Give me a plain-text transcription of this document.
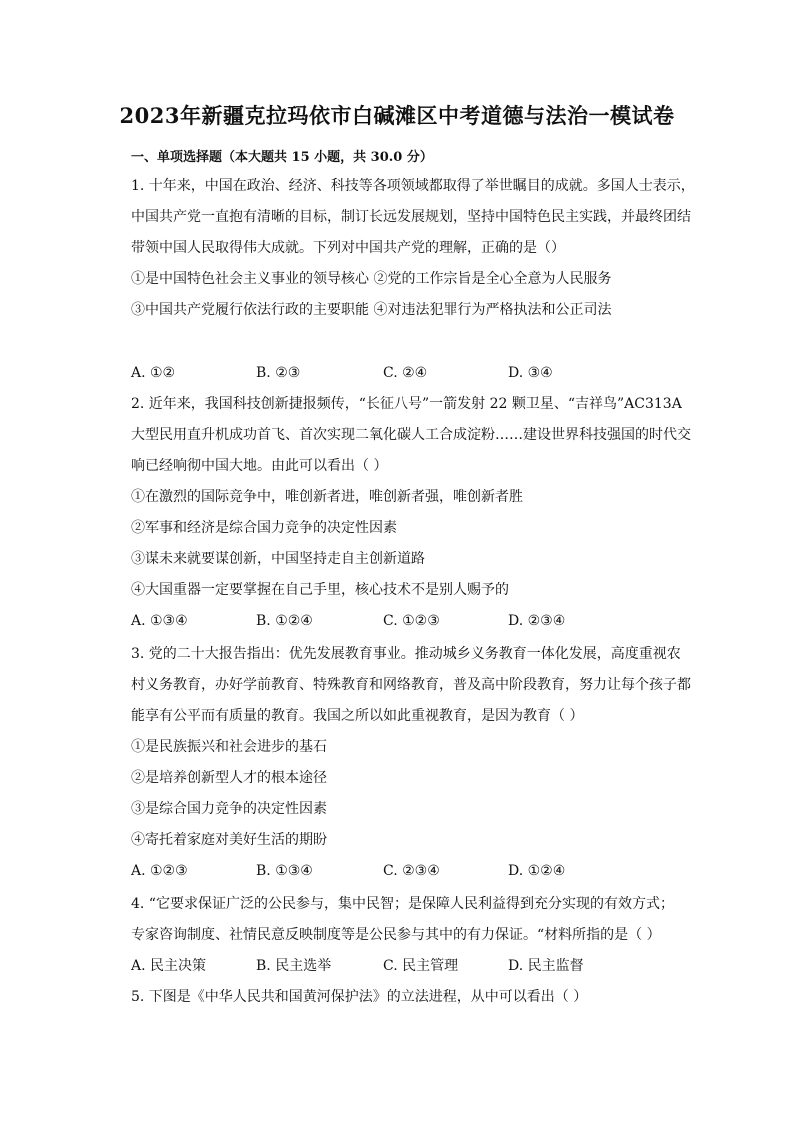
2023年新疆克拉玛依市白碱滩区中考道德与法治一模试卷

一、单项选择题（本大题共 15 小题，共 30.0 分）

1. 十年来，中国在政治、经济、科技等各项领域都取得了举世瞩目的成就。多国人士表示，

中国共产党一直抱有清晰的目标，制订长远发展规划，坚持中国特色民主实践，并最终团结

带领中国人民取得伟大成就。下列对中国共产党的理解，正确的是（）

①是中国特色社会主义事业的领导核心 ②党的工作宗旨是全心全意为人民服务

③中国共产党履行依法行政的主要职能 ④对违法犯罪行为严格执法和公正司法

A. ①②	B. ②③	C. ②④	D. ③④

2. 近年来，我国科技创新捷报频传，“长征八号”一箭发射 22 颗卫星、“吉祥鸟”AC313A

大型民用直升机成功首飞、首次实现二氧化碳人工合成淀粉……建设世界科技强国的时代交

响已经响彻中国大地。由此可以看出（ ）

①在激烈的国际竞争中，唯创新者进，唯创新者强，唯创新者胜

②军事和经济是综合国力竞争的决定性因素

③谋未来就要谋创新，中国坚持走自主创新道路

④大国重器一定要掌握在自己手里，核心技术不是别人赐予的

A. ①③④	B. ①②④	C. ①②③	D. ②③④

3. 党的二十大报告指出：优先发展教育事业。推动城乡义务教育一体化发展，高度重视农

村义务教育，办好学前教育、特殊教育和网络教育，普及高中阶段教育，努力让每个孩子都

能享有公平而有质量的教育。我国之所以如此重视教育，是因为教育（ ）

①是民族振兴和社会进步的基石

②是培养创新型人才的根本途径

③是综合国力竞争的决定性因素

④寄托着家庭对美好生活的期盼

A. ①②③	B. ①③④	C. ②③④	D. ①②④

4. “它要求保证广泛的公民参与，集中民智；是保障人民利益得到充分实现的有效方式；

专家咨询制度、社情民意反映制度等是公民参与其中的有力保证。“材料所指的是（ ）

A. 民主决策	B. 民主选举	C. 民主管理	D. 民主监督

5. 下图是《中华人民共和国黄河保护法》的立法进程，从中可以看出（ ）
